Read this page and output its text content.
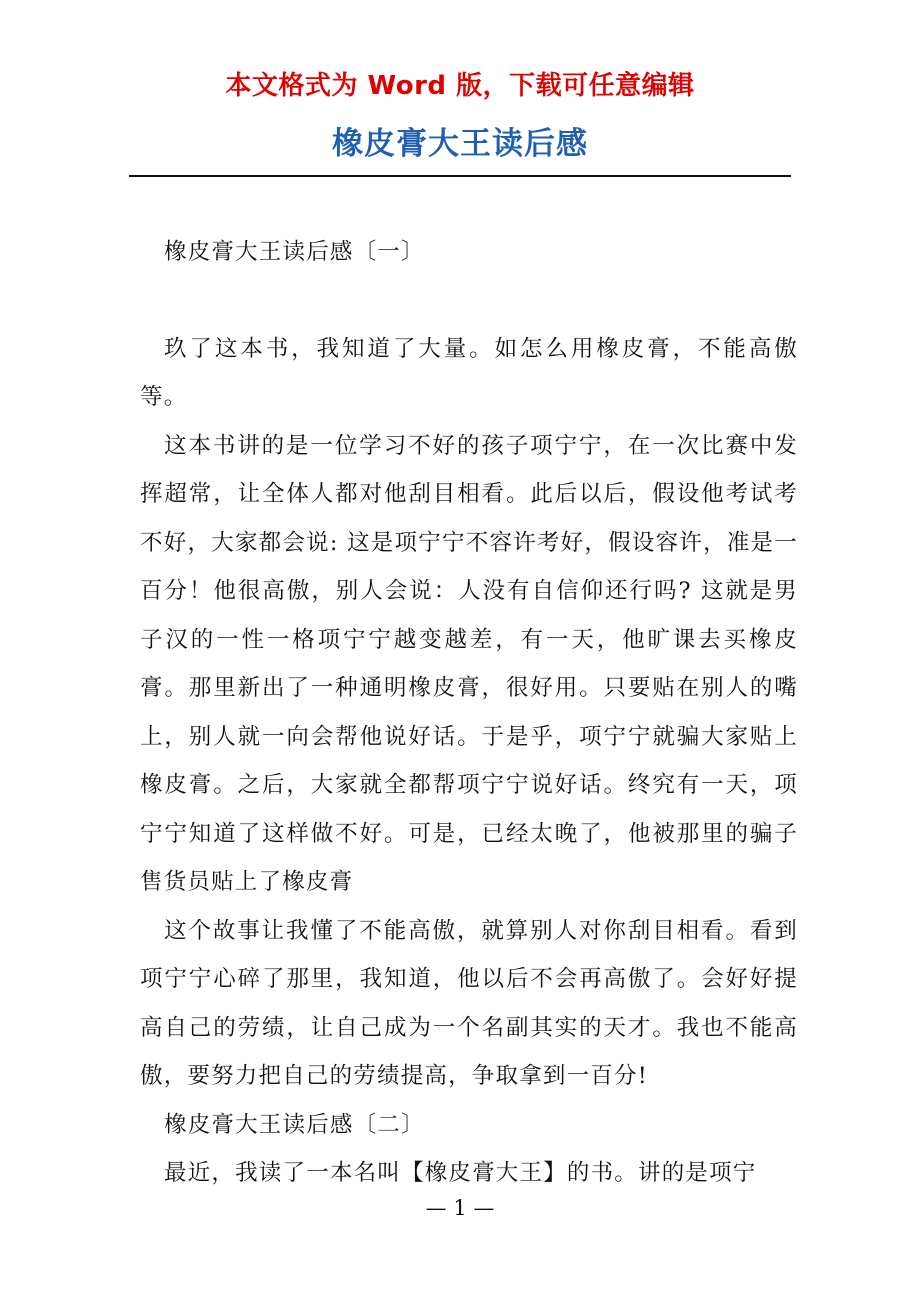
本文格式为 Word 版，下载可任意编辑
橡皮膏大王读后感

橡皮膏大王读后感〔一〕

玖了这本书，我知道了大量。如怎么用橡皮膏，不能高傲等。

这本书讲的是一位学习不好的孩子项宁宁，在一次比赛中发挥超常，让全体人都对他刮目相看。此后以后，假设他考试考不好，大家都会说: 这是项宁宁不容许考好，假设容许，准是一百分！他很高傲，别人会说：人没有自信仰还行吗? 这就是男子汉的一性一格项宁宁越变越差，有一天，他旷课去买橡皮膏。那里新出了一种通明橡皮膏，很好用。只要贴在别人的嘴上，别人就一向会帮他说好话。于是乎，项宁宁就骗大家贴上橡皮膏。之后，大家就全都帮项宁宁说好话。终究有一天，项宁宁知道了这样做不好。可是，已经太晚了，他被那里的骗子售货员贴上了橡皮膏

这个故事让我懂了不能高傲，就算别人对你刮目相看。看到项宁宁心碎了那里，我知道，他以后不会再高傲了。会好好提高自己的劳绩，让自己成为一个名副其实的天才。我也不能高傲，要努力把自己的劳绩提高，争取拿到一百分!

橡皮膏大王读后感〔二〕

最近，我读了一本名叫【橡皮膏大王】的书。讲的是项宁

— 1 —
